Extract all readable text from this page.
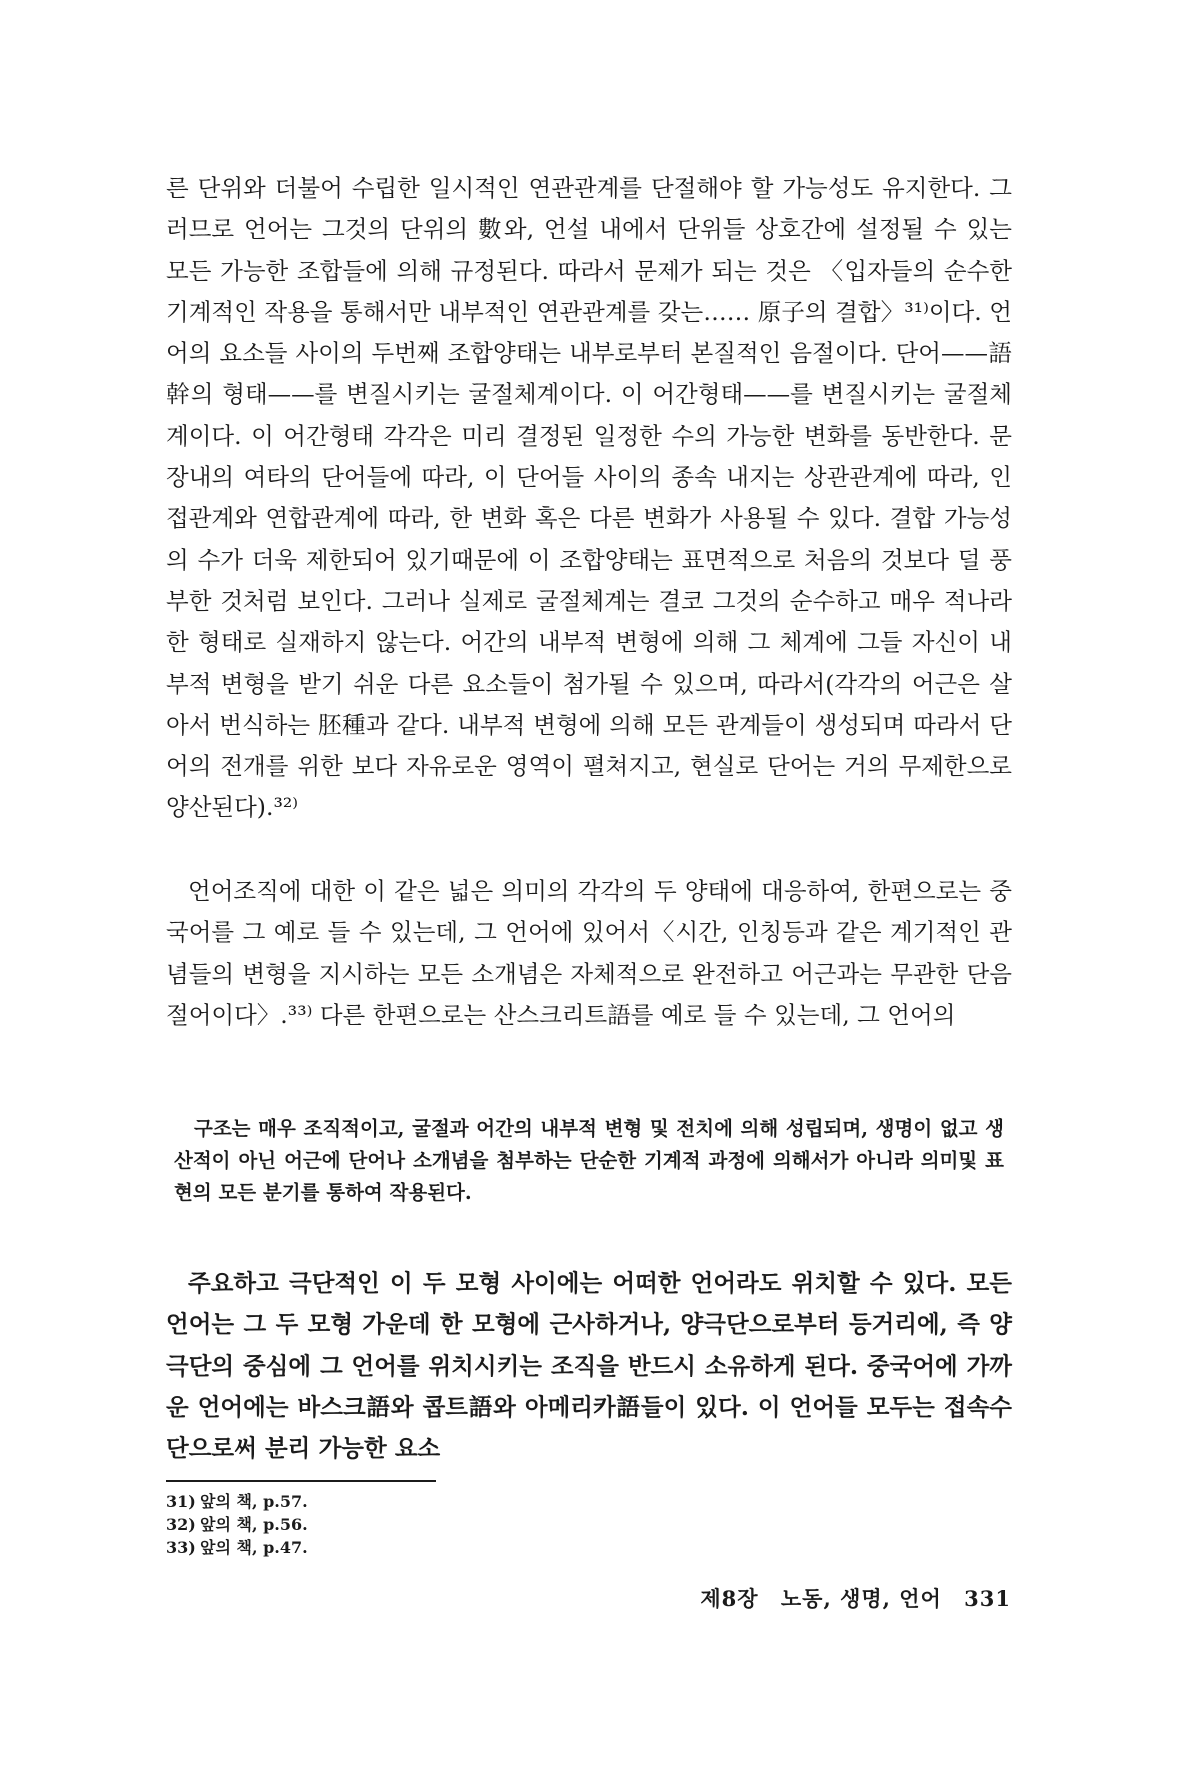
른 단위와 더불어 수립한 일시적인 연관관계를 단절해야 할 가능성도 유지한다. 그러므로 언어는 그것의 단위의 數와, 언설 내에서 단위들 상호간에 설정될 수 있는 모든 가능한 조합들에 의해 규정된다. 따라서 문제가 되는 것은 〈입자들의 순수한 기계적인 작용을 통해서만 내부적인 연관관계를 갖는…… 原子의 결합〉³¹⁾이다. 언어의 요소들 사이의 두번째 조합양태는 내부로부터 본질적인 음절이다. 단어——語幹의 형태——를 변질시키는 굴절체계이다. 이 어간형태——를 변질시키는 굴절체계이다. 이 어간형태 각각은 미리 결정된 일정한 수의 가능한 변화를 동반한다. 문장내의 여타의 단어들에 따라, 이 단어들 사이의 종속 내지는 상관관계에 따라, 인접관계와 연합관계에 따라, 한 변화 혹은 다른 변화가 사용될 수 있다. 결합 가능성의 수가 더욱 제한되어 있기때문에 이 조합양태는 표면적으로 처음의 것보다 덜 풍부한 것처럼 보인다. 그러나 실제로 굴절체계는 결코 그것의 순수하고 매우 적나라한 형태로 실재하지 않는다. 어간의 내부적 변형에 의해 그 체계에 그들 자신이 내부적 변형을 받기 쉬운 다른 요소들이 첨가될 수 있으며, 따라서(각각의 어근은 살아서 번식하는 胚種과 같다. 내부적 변형에 의해 모든 관계들이 생성되며 따라서 단어의 전개를 위한 보다 자유로운 영역이 펼쳐지고, 현실로 단어는 거의 무제한으로 양산된다).³²⁾

언어조직에 대한 이 같은 넓은 의미의 각각의 두 양태에 대응하여, 한편으로는 중국어를 그 예로 들 수 있는데, 그 언어에 있어서〈시간, 인칭등과 같은 계기적인 관념들의 변형을 지시하는 모든 소개념은 자체적으로 완전하고 어근과는 무관한 단음절어이다〉.³³⁾ 다른 한편으로는 산스크리트語를 예로 들 수 있는데, 그 언어의

구조는 매우 조직적이고, 굴절과 어간의 내부적 변형 및 전치에 의해 성립되며, 생명이 없고 생산적이 아닌 어근에 단어나 소개념을 첨부하는 단순한 기계적 과정에 의해서가 아니라 의미및 표현의 모든 분기를 통하여 작용된다.

주요하고 극단적인 이 두 모형 사이에는 어떠한 언어라도 위치할 수 있다. 모든 언어는 그 두 모형 가운데 한 모형에 근사하거나, 양극단으로부터 등거리에, 즉 양극단의 중심에 그 언어를 위치시키는 조직을 반드시 소유하게 된다. 중국어에 가까운 언어에는 바스크語와 콥트語와 아메리카語들이 있다. 이 언어들 모두는 접속수단으로써 분리 가능한 요소

31) 앞의 책, p.57.
32) 앞의 책, p.56.
33) 앞의 책, p.47.
제8장 노동, 생명, 언어 331
